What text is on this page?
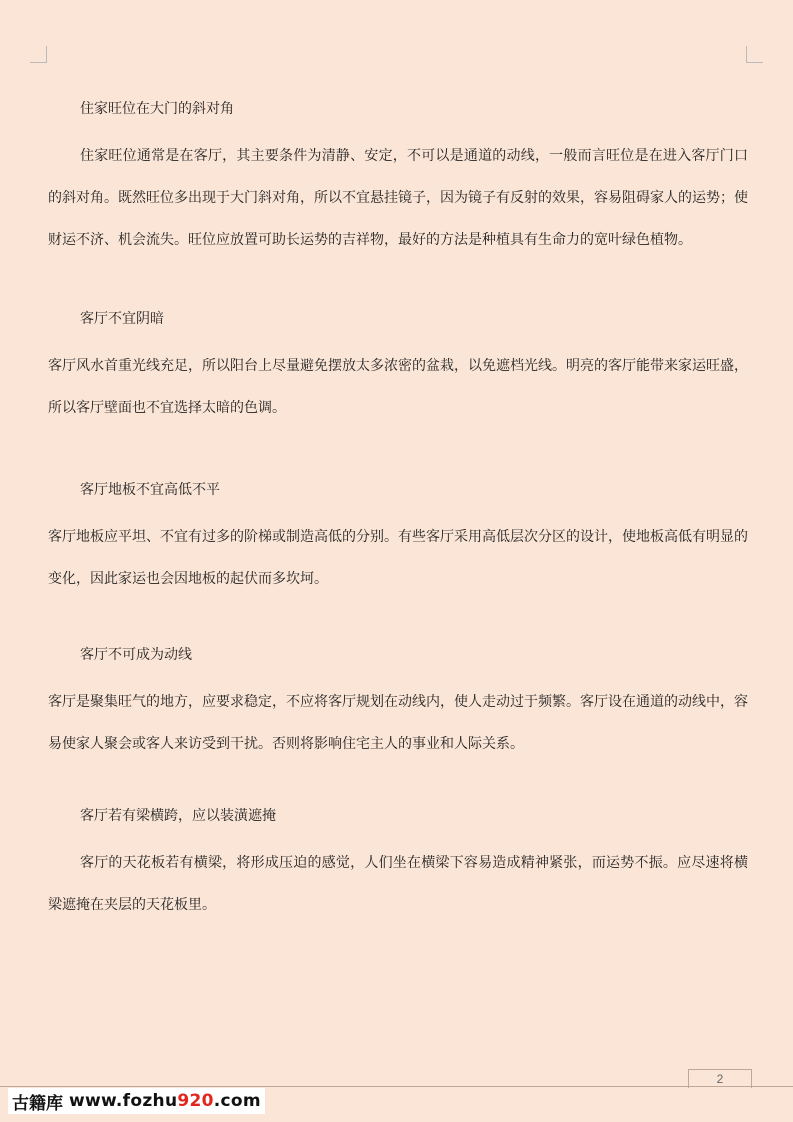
住家旺位在大门的斜对角

住家旺位通常是在客厅，其主要条件为清静、安定，不可以是通道的动线，一般而言旺位是在进入客厅门口的斜对角。既然旺位多出现于大门斜对角，所以不宜悬挂镜子，因为镜子有反射的效果，容易阻碍家人的运势；使财运不济、机会流失。旺位应放置可助长运势的吉祥物，最好的方法是种植具有生命力的宽叶绿色植物。

客厅不宜阴暗

客厅风水首重光线充足，所以阳台上尽量避免摆放太多浓密的盆栽，以免遮档光线。明亮的客厅能带来家运旺盛，所以客厅壁面也不宜选择太暗的色调。

客厅地板不宜高低不平

客厅地板应平坦、不宜有过多的阶梯或制造高低的分别。有些客厅采用高低层次分区的设计，使地板高低有明显的变化，因此家运也会因地板的起伏而多坎坷。

客厅不可成为动线

客厅是聚集旺气的地方，应要求稳定，不应将客厅规划在动线内，使人走动过于频繁。客厅设在通道的动线中，容易使家人聚会或客人来访受到干扰。否则将影响住宅主人的事业和人际关系。

客厅若有梁横跨，应以装潢遮掩

客厅的天花板若有横梁，将形成压迫的感觉，人们坐在横梁下容易造成精神紧张，而运势不振。应尽速将横梁遮掩在夹层的天花板里。

2
古籍库 www.fozhu920.com
